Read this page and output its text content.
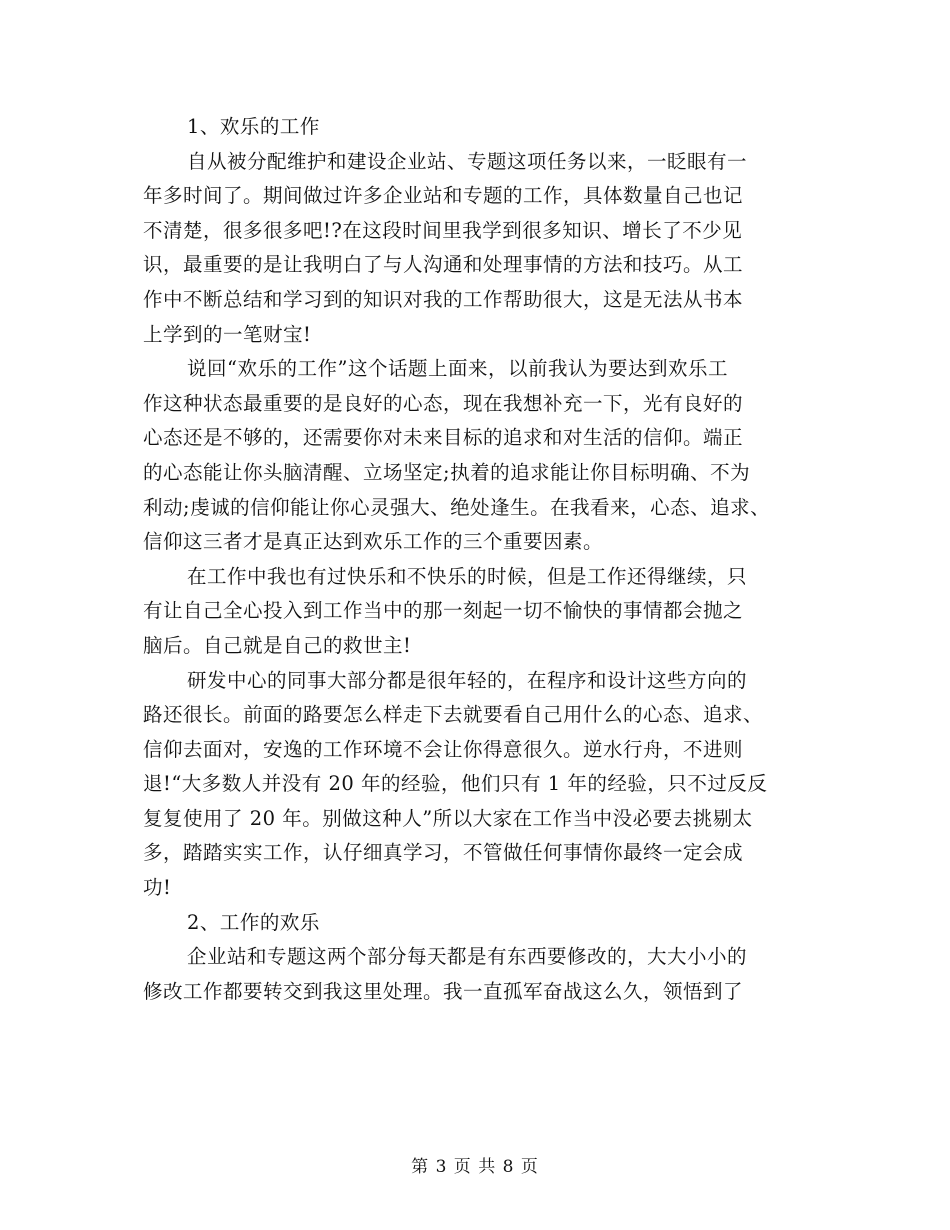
1、欢乐的工作
自从被分配维护和建设企业站、专题这项任务以来，一眨眼有一
年多时间了。期间做过许多企业站和专题的工作，具体数量自己也记
不清楚，很多很多吧!?在这段时间里我学到很多知识、增长了不少见
识，最重要的是让我明白了与人沟通和处理事情的方法和技巧。从工
作中不断总结和学习到的知识对我的工作帮助很大，这是无法从书本
上学到的一笔财宝!
说回“欢乐的工作”这个话题上面来，以前我认为要达到欢乐工
作这种状态最重要的是良好的心态，现在我想补充一下，光有良好的
心态还是不够的，还需要你对未来目标的追求和对生活的信仰。端正
的心态能让你头脑清醒、立场坚定;执着的追求能让你目标明确、不为
利动;虔诚的信仰能让你心灵强大、绝处逢生。在我看来，心态、追求、
信仰这三者才是真正达到欢乐工作的三个重要因素。
在工作中我也有过快乐和不快乐的时候，但是工作还得继续，只
有让自己全心投入到工作当中的那一刻起一切不愉快的事情都会抛之
脑后。自己就是自己的救世主!
研发中心的同事大部分都是很年轻的，在程序和设计这些方向的
路还很长。前面的路要怎么样走下去就要看自己用什么的心态、追求、
信仰去面对，安逸的工作环境不会让你得意很久。逆水行舟，不进则
退!“大多数人并没有 20 年的经验，他们只有 1 年的经验，只不过反反
复复使用了 20 年。别做这种人”所以大家在工作当中没必要去挑剔太
多，踏踏实实工作，认仔细真学习，不管做任何事情你最终一定会成
功!
2、工作的欢乐
企业站和专题这两个部分每天都是有东西要修改的，大大小小的
修改工作都要转交到我这里处理。我一直孤军奋战这么久，领悟到了
第 3 页 共 8 页
